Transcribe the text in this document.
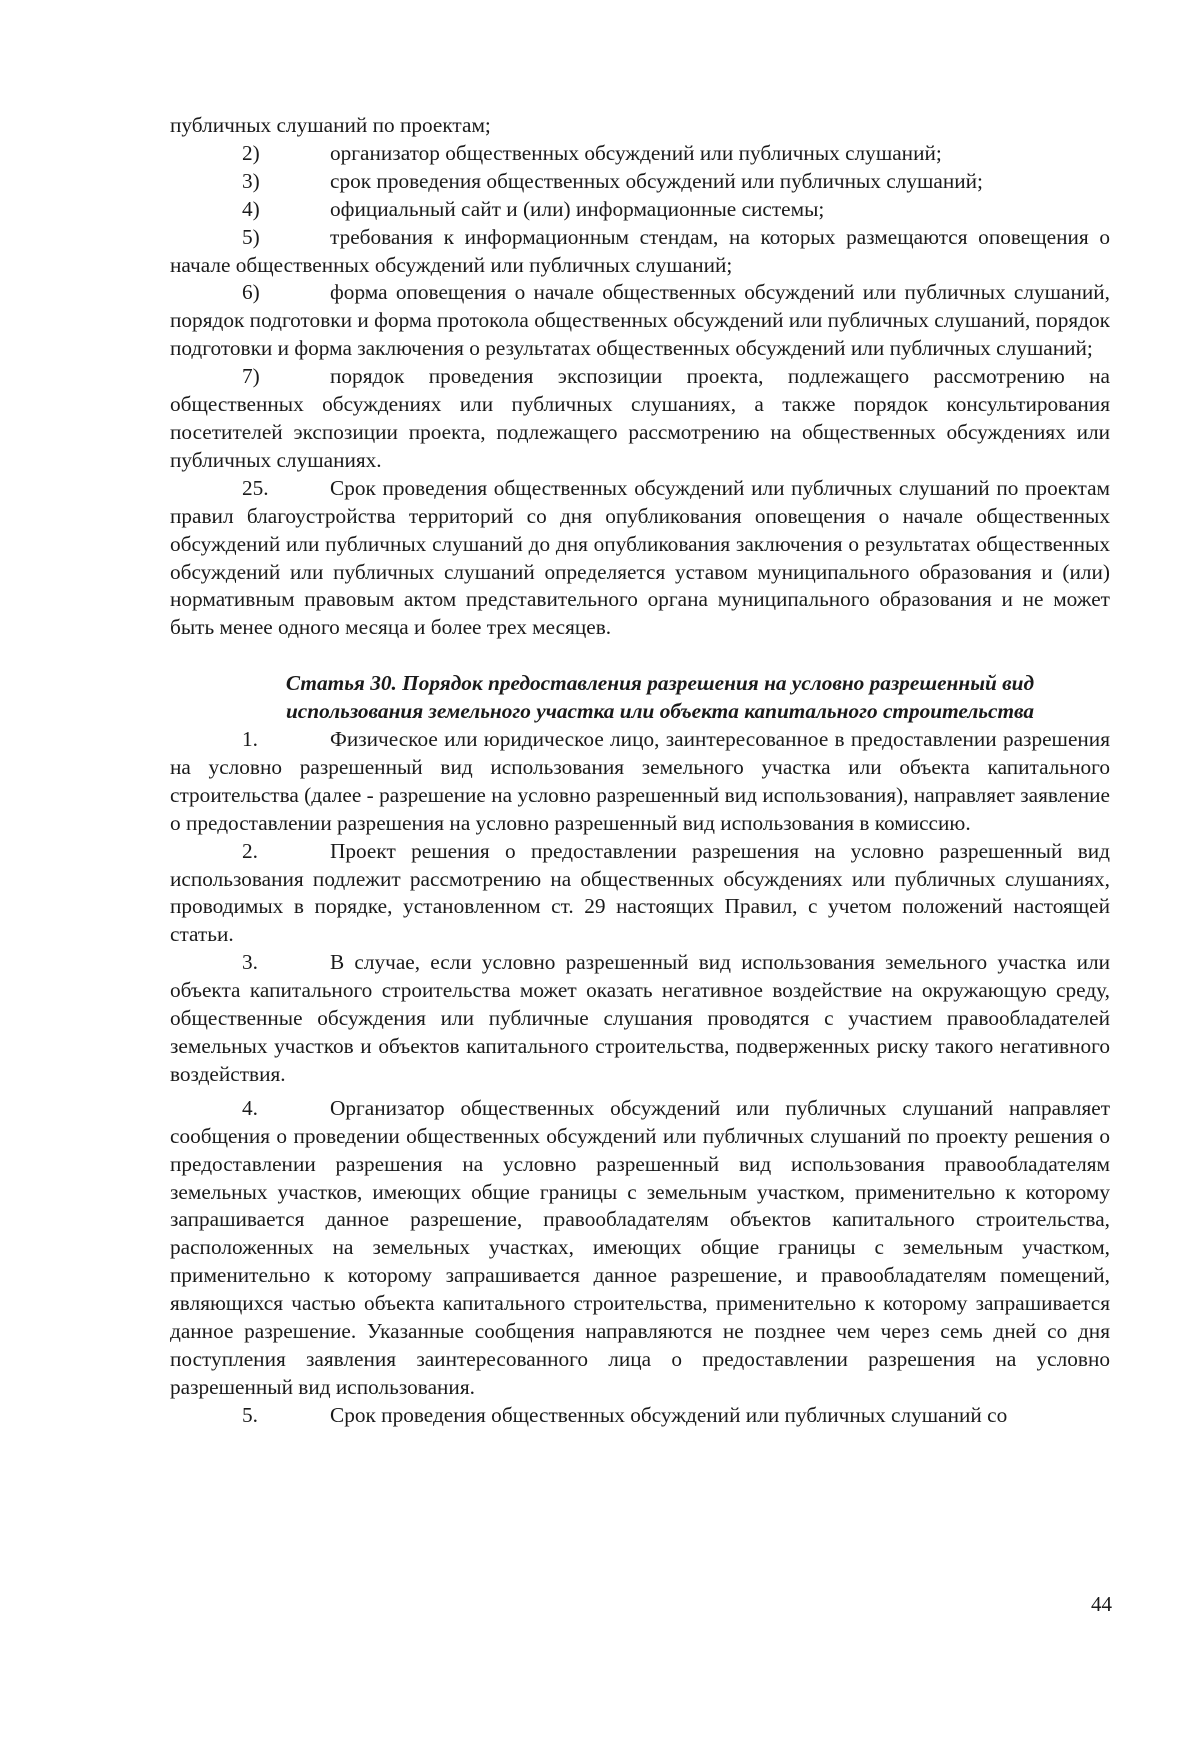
публичных слушаний по проектам;

2)	организатор общественных обсуждений или публичных слушаний;
3)	срок проведения общественных обсуждений или публичных слушаний;
4)	официальный сайт и (или) информационные системы;

5)	требования к информационным стендам, на которых размещаются оповещения о начале общественных обсуждений или публичных слушаний;

6)	форма оповещения о начале общественных обсуждений или публичных слушаний, порядок подготовки и форма протокола общественных обсуждений или публичных слушаний, порядок подготовки и форма заключения о результатах общественных обсуждений или публичных слушаний;

7)	порядок проведения экспозиции проекта, подлежащего рассмотрению на общественных обсуждениях или публичных слушаниях, а также порядок консультирования посетителей экспозиции проекта, подлежащего рассмотрению на общественных обсуждениях или публичных слушаниях.

25.	Срок проведения общественных обсуждений или публичных слушаний по проектам правил благоустройства территорий со дня опубликования оповещения о начале общественных обсуждений или публичных слушаний до дня опубликования заключения о результатах общественных обсуждений или публичных слушаний определяется уставом муниципального образования и (или) нормативным правовым актом представительного органа муниципального образования и не может быть менее одного месяца и более трех месяцев.

Статья 30. Порядок предоставления разрешения на условно разрешенный вид
использования земельного участка или объекта капитального строительства

1.	Физическое или юридическое лицо, заинтересованное в предоставлении разрешения на условно разрешенный вид использования земельного участка или объекта капитального строительства (далее - разрешение на условно разрешенный вид использования), направляет заявление о предоставлении разрешения на условно разрешенный вид использования в комиссию.

2.	Проект решения о предоставлении разрешения на условно разрешенный вид использования подлежит рассмотрению на общественных обсуждениях или публичных слушаниях, проводимых в порядке, установленном ст. 29 настоящих Правил, с учетом положений настоящей статьи.

3.	В случае, если условно разрешенный вид использования земельного участка или объекта капитального строительства может оказать негативное воздействие на окружающую среду, общественные обсуждения или публичные слушания проводятся с участием правообладателей земельных участков и объектов капитального строительства, подверженных риску такого негативного воздействия.

4.	Организатор общественных обсуждений или публичных слушаний направляет сообщения о проведении общественных обсуждений или публичных слушаний по проекту решения о предоставлении разрешения на условно разрешенный вид использования правообладателям земельных участков, имеющих общие границы с земельным участком, применительно к которому запрашивается данное разрешение, правообладателям объектов капитального строительства, расположенных на земельных участках, имеющих общие границы с земельным участком, применительно к которому запрашивается данное разрешение, и правообладателям помещений, являющихся частью объекта капитального строительства, применительно к которому запрашивается данное разрешение. Указанные сообщения направляются не позднее чем через семь дней со дня поступления заявления заинтересованного лица о предоставлении разрешения на условно разрешенный вид использования.

5.	Срок проведения общественных обсуждений или публичных слушаний со

44
